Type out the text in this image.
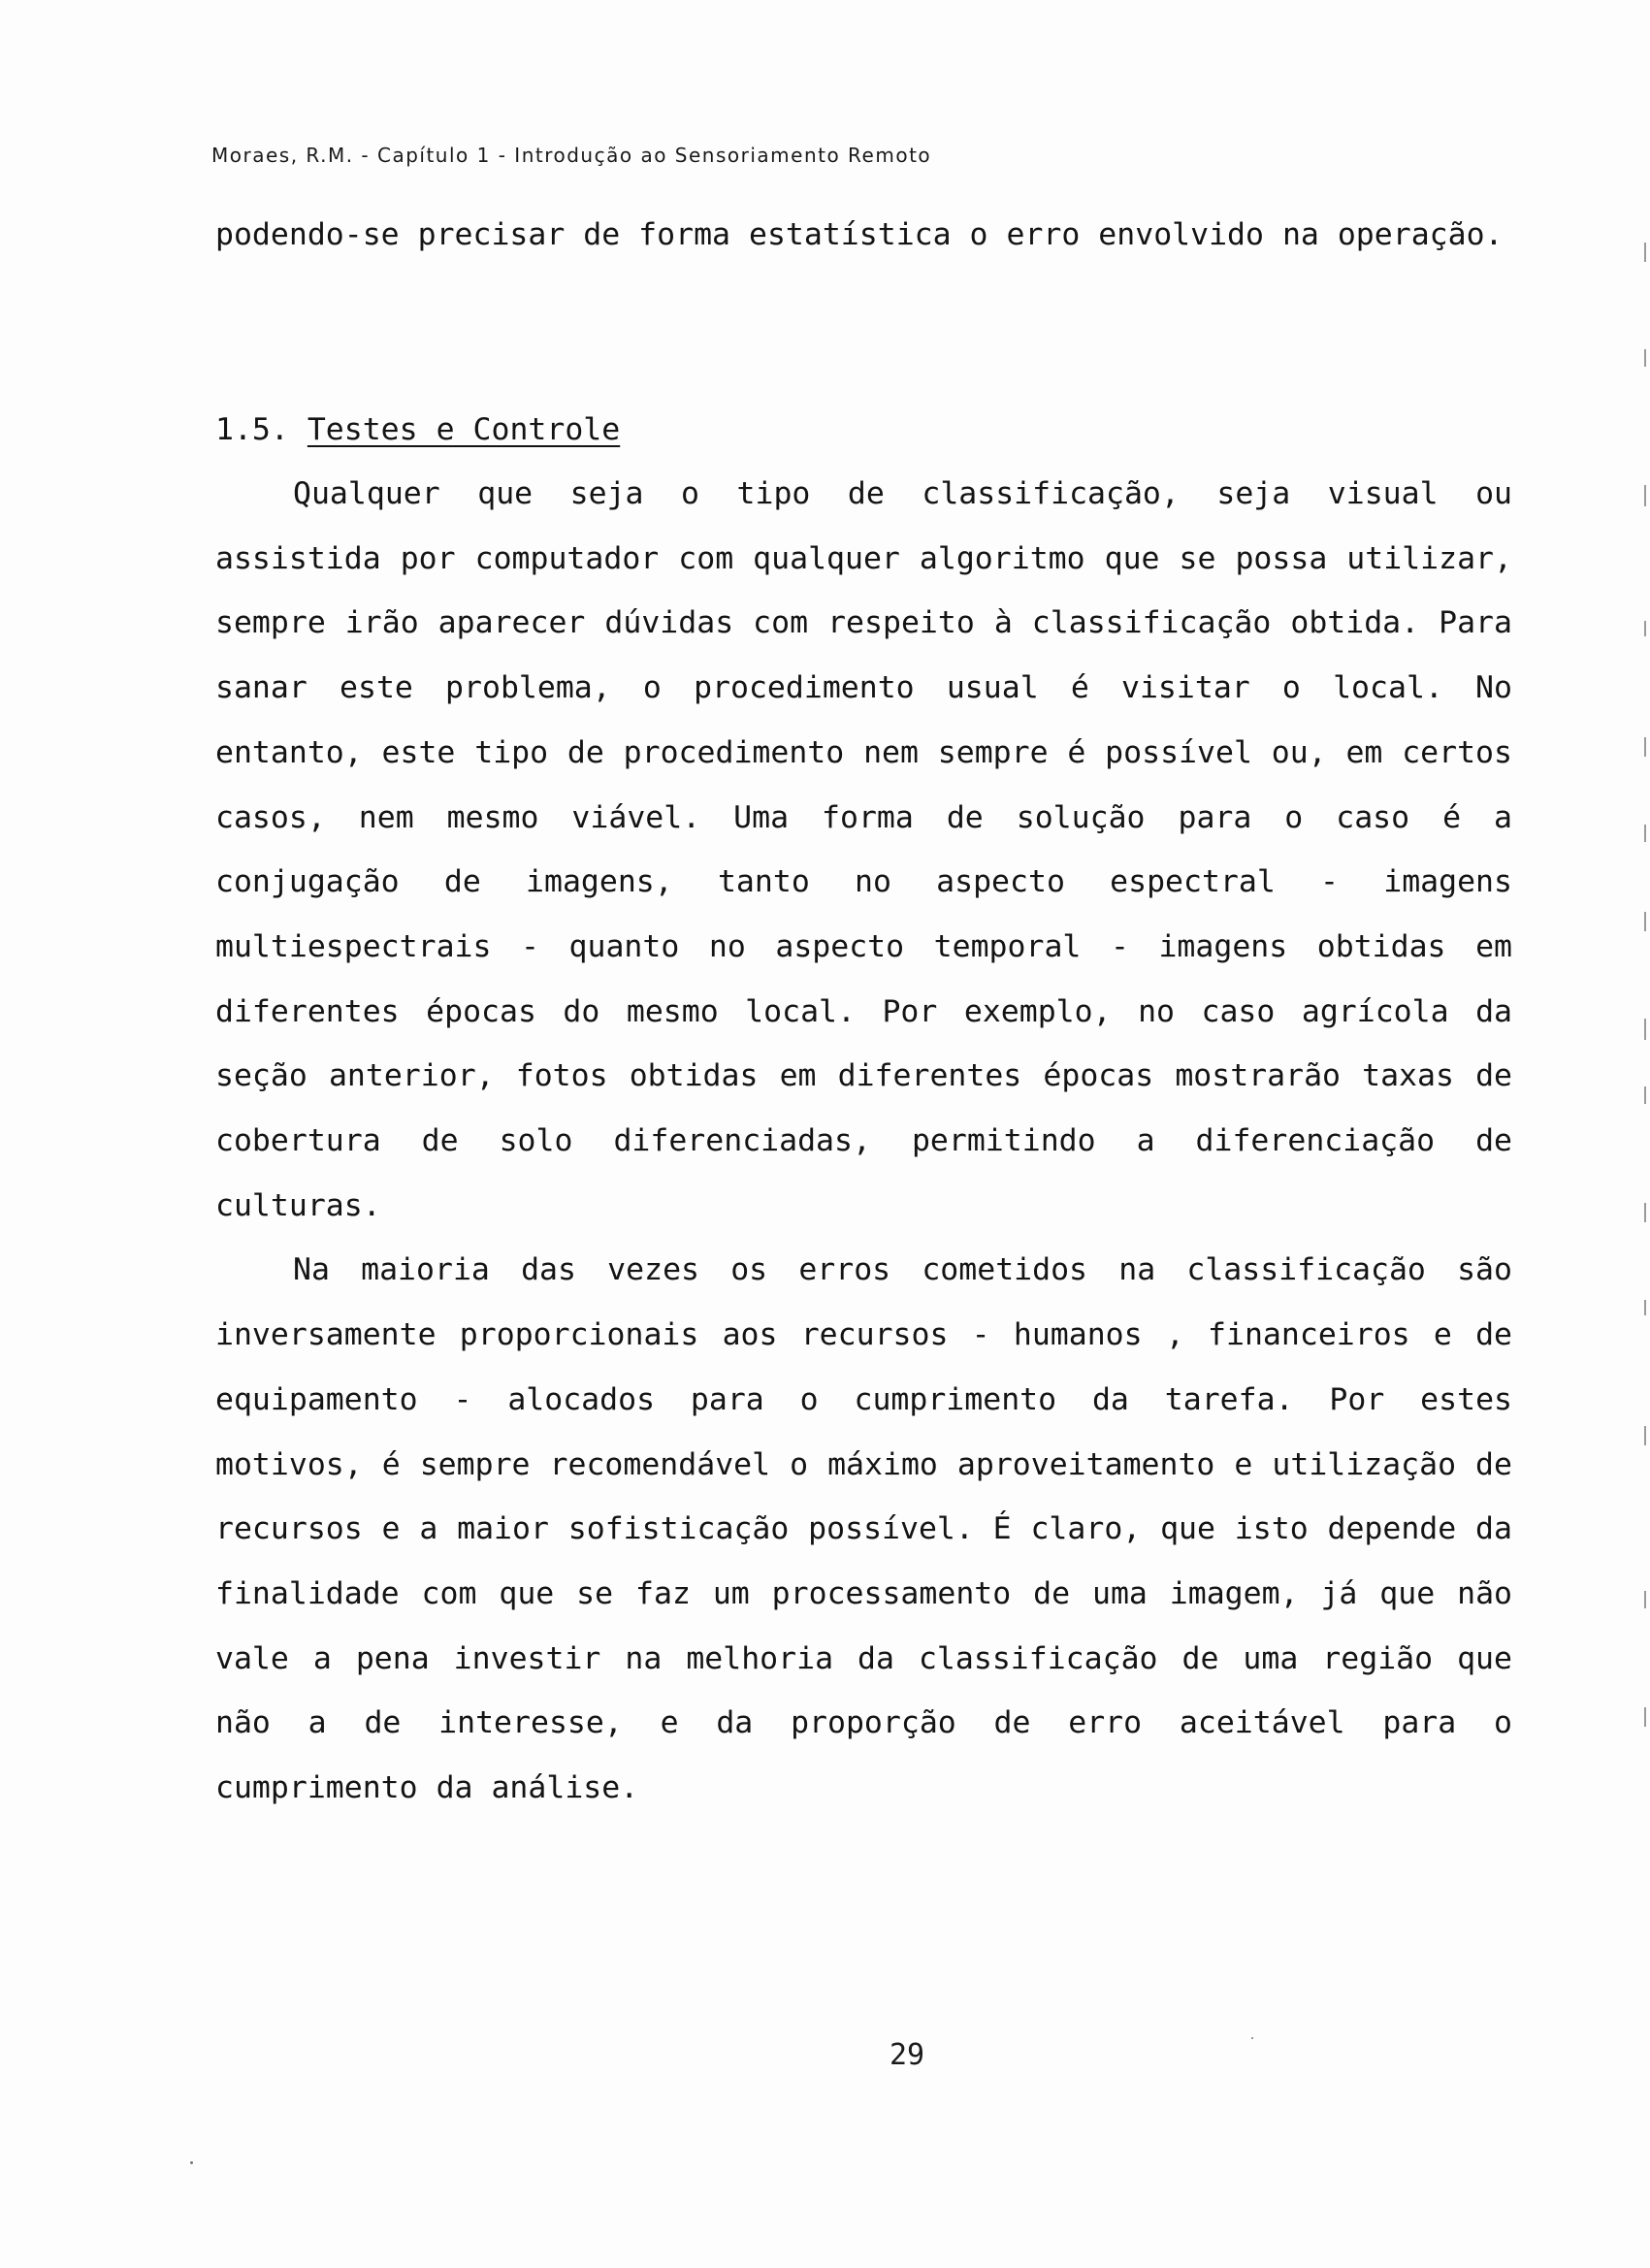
Moraes, R.M. - Capítulo 1 - Introdução ao Sensoriamento Remoto

podendo-se precisar de forma estatística o erro envolvido na operação.

1.5. Testes e Controle

Qualquer que seja o tipo de classificação, seja visual ou assistida por computador com qualquer algoritmo que se possa utilizar, sempre irão aparecer dúvidas com respeito à classificação obtida. Para sanar este problema, o procedimento usual é visitar o local. No entanto, este tipo de procedimento nem sempre é possível ou, em certos casos, nem mesmo viável. Uma forma de solução para o caso é a conjugação de imagens, tanto no aspecto espectral - imagens multiespectrais - quanto no aspecto temporal - imagens obtidas em diferentes épocas do mesmo local. Por exemplo, no caso agrícola da seção anterior, fotos obtidas em diferentes épocas mostrarão taxas de cobertura de solo diferenciadas, permitindo a diferenciação de culturas.

Na maioria das vezes os erros cometidos na classificação são inversamente proporcionais aos recursos - humanos , financeiros e de equipamento - alocados para o cumprimento da tarefa. Por estes motivos, é sempre recomendável o máximo aproveitamento e utilização de recursos e a maior sofisticação possível. É claro, que isto depende da finalidade com que se faz um processamento de uma imagem, já que não vale a pena investir na melhoria da classificação de uma região que não a de interesse, e da proporção de erro aceitável para o cumprimento da análise.

29
